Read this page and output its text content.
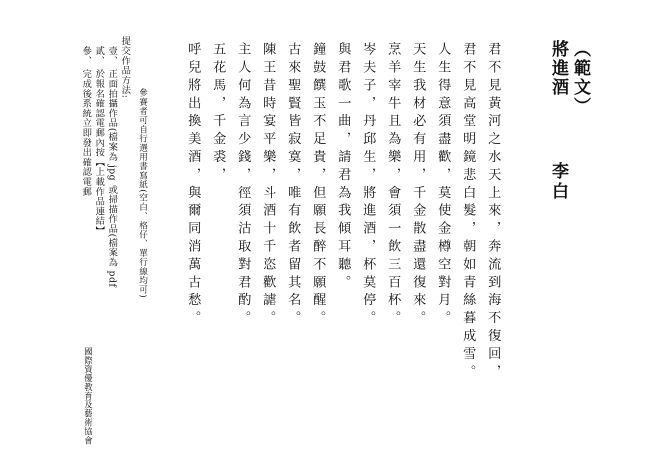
（範文）
將進酒
李白
君不見黃河之水天上來，奔流到海不復回，
君不見高堂明鏡悲白髮，朝如青絲暮成雪。
人生得意須盡歡，莫使金樽空對月。
天生我材必有用，千金散盡還復來。
烹羊宰牛且為樂，會須一飲三百杯。
岑夫子，丹邱生，將進酒，杯莫停。
與君歌一曲，請君為我傾耳聽。
鐘鼓饌玉不足貴，但願長醉不願醒。
古來聖賢皆寂寞，唯有飲者留其名。
陳王昔時宴平樂，斗酒十千恣歡謔。
主人何為言少錢，徑須沽取對君酌。
五花馬，千金裘，
呼兒將出換美酒，與爾同消萬古愁。
參賽者可自行選用書寫紙(空白、格仔、單行線均可)
提交作品方法:
壹、 正面拍攝作品(檔案為 jpg 或掃描作品(檔案為 pdf
貳、 於報名確認電郵內按【上載作品連結】
參、 完成後系統立即發出確認電郵
國際資優教育及藝術協會
